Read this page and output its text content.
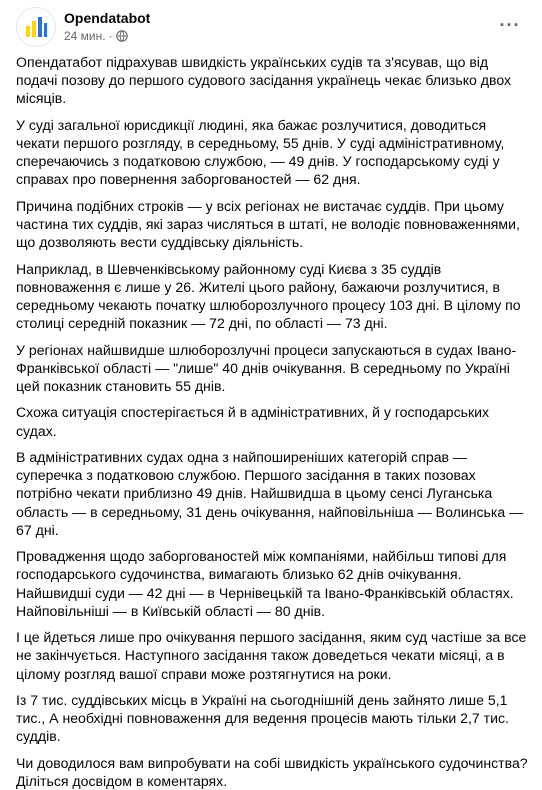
Opendatabot
24 мин. ·
···

Опендатабот підрахував швидкість українських судів та з'ясував, що від подачі позову до першого судового засідання українець чекає близько двох місяців.

У суді загальної юрисдикції людині, яка бажає розлучитися, доводиться чекати першого розгляду, в середньому, 55 днів. У суді адміністративному, сперечаючись з податковою службою, — 49 днів. У господарському суді у справах про повернення заборгованостей — 62 дня.

Причина подібних строків — у всіх регіонах не вистачає суддів. При цьому частина тих суддів, які зараз числяться в штаті, не володіє повноваженнями, що дозволяють вести суддівську діяльність.

Наприклад, в Шевченківському районному суді Києва з 35 суддів повноваження є лише у 26. Жителі цього району, бажаючи розлучитися, в середньому чекають початку шлюборозлучного процесу 103 дні. В цілому по столиці середній показник — 72 дні, по області — 73 дні.

У регіонах найшвидше шлюборозлучні процеси запускаються в судах Івано-Франківської області — "лише" 40 днів очікування. В середньому по Україні цей показник становить 55 днів.

Схожа ситуація спостерігається й в адміністративних, й у господарських судах.

В адміністративних судах одна з найпоширеніших категорій справ — суперечка з податковою службою. Першого засідання в таких позовах потрібно чекати приблизно 49 днів. Найшвидша в цьому сенсі Луганська область — в середньому, 31 день очікування, найповільніша — Волинська — 67 дні.

Провадження щодо заборгованостей між компаніями, найбільш типові для господарського судочинства, вимагають близько 62 днів очікування. Найшвидші суди — 42 дні — в Чернівецькій та Івано-Франківській областях. Найповільніші — в Київській області — 80 днів.

І це йдеться лише про очікування першого засідання, яким суд частіше за все не закінчується. Наступного засідання також доведеться чекати місяці, а в цілому розгляд вашої справи може розтягнутися на роки.

Із 7 тис. суддівських місць в Україні на сьогоднішній день зайнято лише 5,1 тис., А необхідні повноваження для ведення процесів мають тільки 2,7 тис. суддів.

Чи доводилося вам випробувати на собі швидкість українського судочинства? Діліться досвідом в коментарях.
